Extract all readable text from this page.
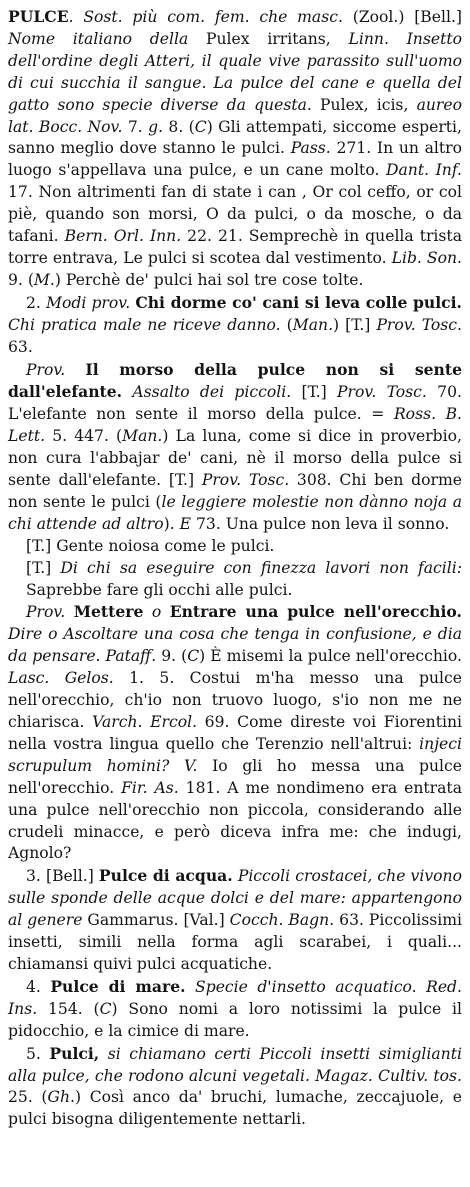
PULCE. Sost. più com. fem. che masc. (Zool.) [Bell.] Nome italiano della Pulex irritans, Linn. Insetto dell'ordine degli Atteri, il quale vive parassito sull'uomo di cui succhia il sangue. La pulce del cane e quella del gatto sono specie diverse da questa. Pulex, icis, aureo lat. Bocc. Nov. 7. g. 8. (C) Gli attempati, siccome esperti, sanno meglio dove stanno le pulci. Pass. 271. In un altro luogo s'appellava una pulce, e un cane molto. Dant. Inf. 17. Non altrimenti fan di state i can , Or col ceffo, or col piè, quando son morsi, O da pulci, o da mosche, o da tafani. Bern. Orl. Inn. 22. 21. Semprechè in quella trista torre entrava, Le pulci si scotea dal vestimento. Lib. Son. 9. (M.) Perchè de' pulci hai sol tre cose tolte.

2. Modi prov. Chi dorme co' cani si leva colle pulci. Chi pratica male ne riceve danno. (Man.) [T.] Prov. Tosc. 63.

Prov. Il morso della pulce non si sente dall'elefante. Assalto dei piccoli. [T.] Prov. Tosc. 70. L'elefante non sente il morso della pulce. = Ross. B. Lett. 5. 447. (Man.) La luna, come si dice in proverbio, non cura l'abbajar de' cani, nè il morso della pulce si sente dall'elefante. [T.] Prov. Tosc. 308. Chi ben dorme non sente le pulci (le leggiere molestie non dànno noja a chi attende ad altro). E 73. Una pulce non leva il sonno.

[T.] Gente noiosa come le pulci.

[T.] Di chi sa eseguire con finezza lavori non facili: Saprebbe fare gli occhi alle pulci.

Prov. Mettere o Entrare una pulce nell'orecchio. Dire o Ascoltare una cosa che tenga in confusione, e dia da pensare. Pataff. 9. (C) È misemi la pulce nell'orecchio. Lasc. Gelos. 1. 5. Costui m'ha messo una pulce nell'orecchio, ch'io non truovo luogo, s'io non me ne chiarisca. Varch. Ercol. 69. Come direste voi Fiorentini nella vostra lingua quello che Terenzio nell'altrui: injeci scrupulum homini? V. Io gli ho messa una pulce nell'orecchio. Fir. As. 181. A me nondimeno era entrata una pulce nell'orecchio non piccola, considerando alle crudeli minacce, e però diceva infra me: che indugi, Agnolo?

3. [Bell.] Pulce di acqua. Piccoli crostacei, che vivono sulle sponde delle acque dolci e del mare: appartengono al genere Gammarus. [Val.] Cocch. Bagn. 63. Piccolissimi insetti, simili nella forma agli scarabei, i quali... chiamansi quivi pulci acquatiche.

4. Pulce di mare. Specie d'insetto acquatico. Red. Ins. 154. (C) Sono nomi a loro notissimi la pulce il pidocchio, e la cimice di mare.

5. Pulci, si chiamano certi Piccoli insetti simiglianti alla pulce, che rodono alcuni vegetali. Magaz. Cultiv. tos. 25. (Gh.) Così anco da' bruchi, lumache, zeccajuole, e pulci bisogna diligentemente nettarli.
